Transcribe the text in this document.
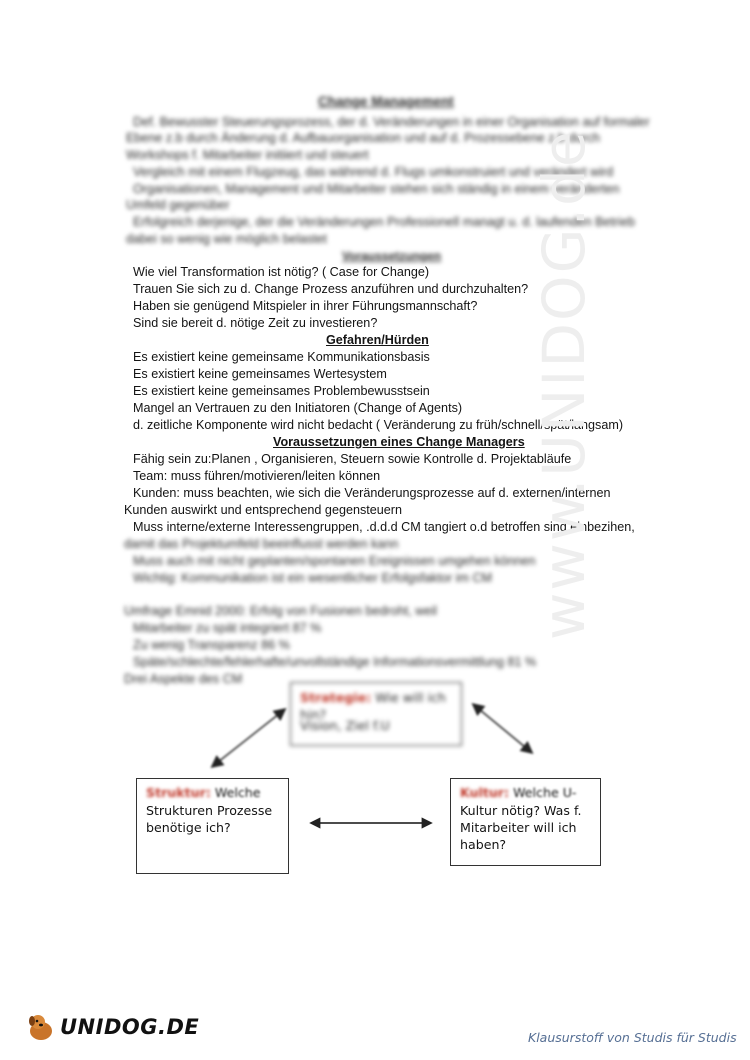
Change Management
Def. Bewusster Steuerungsprozess, der d. Veränderungen in einer Organisation auf formaler
Ebene z.b durch Änderung d. Aufbauorganisation und auf d. Prozessebene z.b durch
Workshops f. Mitarbeiter initiiert und steuert
Vergleich mit einem Flugzeug, das während d. Flugs umkonstruiert und verändert wird
Organisationen, Management und Mitarbeiter stehen sich ständig in einem veränderten
Umfeld gegenüber
Erfolgreich derjenige, der die Veränderungen Professionell managt u. d. laufenden Betrieb
dabei so wenig wie möglich belastet
Voraussetzungen
Wie viel Transformation ist nötig? ( Case for Change)
Trauen Sie sich zu d. Change Prozess anzuführen und durchzuhalten?
Haben sie genügend Mitspieler in ihrer Führungsmannschaft?
Sind sie bereit d. nötige Zeit zu investieren?
Gefahren/Hürden
Es existiert keine gemeinsame Kommunikationsbasis
Es existiert keine gemeinsames Wertesystem
Es existiert keine gemeinsames Problembewusstsein
Mangel an Vertrauen zu den Initiatoren (Change of Agents)
d. zeitliche Komponente wird nicht bedacht ( Veränderung zu früh/schnell/spät/langsam)
Voraussetzungen eines Change Managers
Fähig sein zu:Planen , Organisieren, Steuern sowie Kontrolle d. Projektabläufe
Team: muss führen/motivieren/leiten können
Kunden: muss beachten, wie sich die Veränderungsprozesse auf d. externen/internen
Kunden auswirkt und entsprechend gegensteuern
Muss interne/externe Interessengruppen, .d.d.d CM tangiert o.d betroffen sind einbezihen,
damit das Projektumfeld beeinflusst werden kann
Muss auch mit nicht geplanten/spontanen Ereignissen umgehen können
Wichtig: Kommunikation ist ein wesentlicher Erfolgsfaktor im CM
Umfrage Emnid 2000: Erfolg von Fusionen bedroht, weil
Mitarbeiter zu spät integriert 87 %
Zu wenig Transparenz 86 %
Späte/schlechte/fehlerhafte/unvollständige Informationsvermittlung 81 %
Drei Aspekte des CM
Strategie: Wie will ich hin?
Vision, Ziel f.U
Struktur: Welche
Strukturen Prozesse
benötige ich?
Kultur: Welche U-
Kultur nötig? Was f.
Mitarbeiter will ich
haben?
www.UNIDOG.de
UNIDOG.DE	Klausurstoff von Studis für Studis
